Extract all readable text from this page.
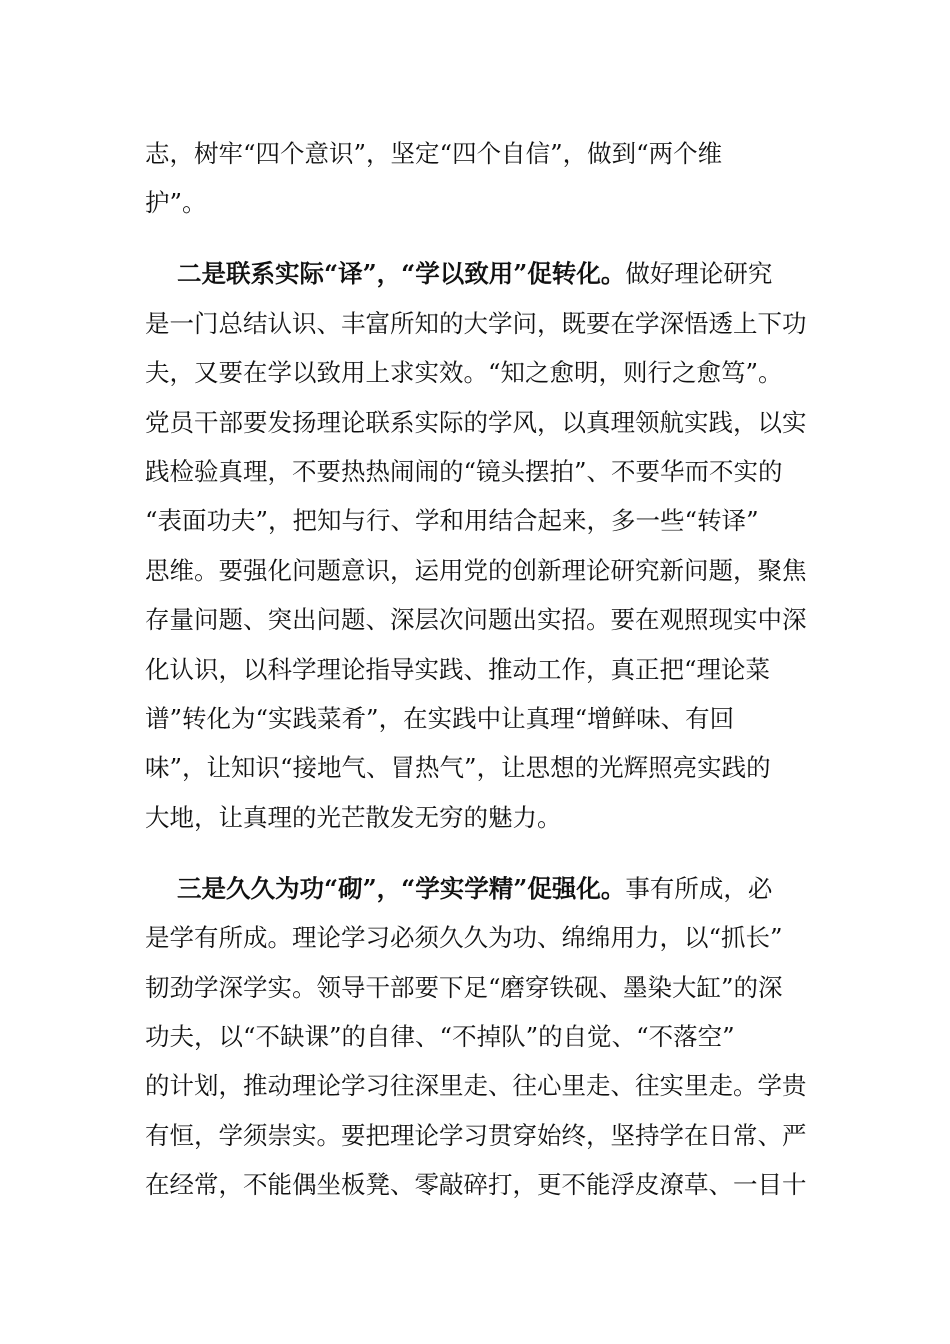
志，树牢“四个意识”，坚定“四个自信”，做到“两个维
护”。
二是联系实际“译”，“学以致用”促转化。做好理论研究
是一门总结认识、丰富所知的大学问，既要在学深悟透上下功
夫，又要在学以致用上求实效。“知之愈明，则行之愈笃”。
党员干部要发扬理论联系实际的学风，以真理领航实践，以实
践检验真理，不要热热闹闹的“镜头摆拍”、不要华而不实的
“表面功夫”，把知与行、学和用结合起来，多一些“转译”
思维。要强化问题意识，运用党的创新理论研究新问题，聚焦
存量问题、突出问题、深层次问题出实招。要在观照现实中深
化认识，以科学理论指导实践、推动工作，真正把“理论菜
谱”转化为“实践菜肴”，在实践中让真理“增鲜味、有回
味”，让知识“接地气、冒热气”，让思想的光辉照亮实践的
大地，让真理的光芒散发无穷的魅力。
三是久久为功“砌”，“学实学精”促强化。事有所成，必
是学有所成。理论学习必须久久为功、绵绵用力，以“抓长”
韧劲学深学实。领导干部要下足“磨穿铁砚、墨染大缸”的深
功夫，以“不缺课”的自律、“不掉队”的自觉、“不落空”
的计划，推动理论学习往深里走、往心里走、往实里走。学贵
有恒，学须崇实。要把理论学习贯穿始终，坚持学在日常、严
在经常，不能偶坐板凳、零敲碎打，更不能浮皮潦草、一目十
